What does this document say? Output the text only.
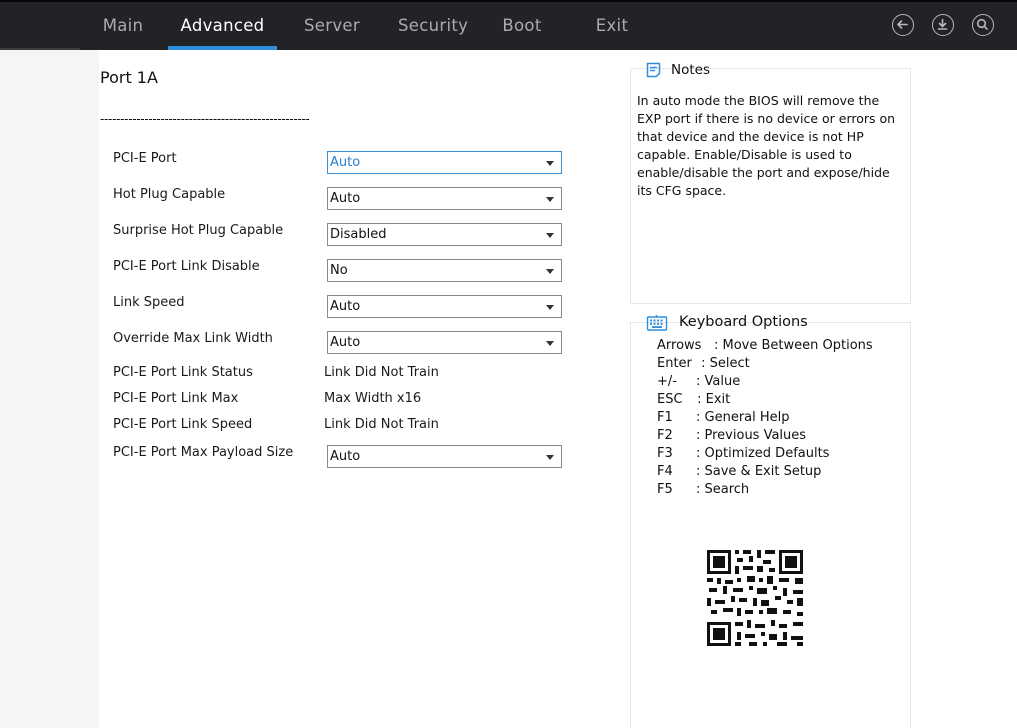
Main	Advanced	Server Security Boot	Exit
Port 1A
----------------------------------------------------
PCI-E Port	Auto
Hot Plug Capable	Auto
Surprise Hot Plug Capable	Disabled
PCI-E Port Link Disable	No
Link Speed	Auto
Override Max Link Width	Auto
PCI-E Port Link Status	Link Did Not Train
PCI-E Port Link Max	Max Width x16
PCI-E Port Link Speed	Link Did Not Train
PCI-E Port Max Payload Size	Auto
Notes
In auto mode the BIOS will remove the EXP port if there is no device or errors on that device and the device is not HP capable. Enable/Disable is used to enable/disable the port and expose/hide its CFG space.
Keyboard Options
Arrows : Move Between Options
Enter : Select
+/- : Value
ESC : Exit
F1 : General Help
F2 : Previous Values
F3 : Optimized Defaults
F4 : Save & Exit Setup
F5 : Search
